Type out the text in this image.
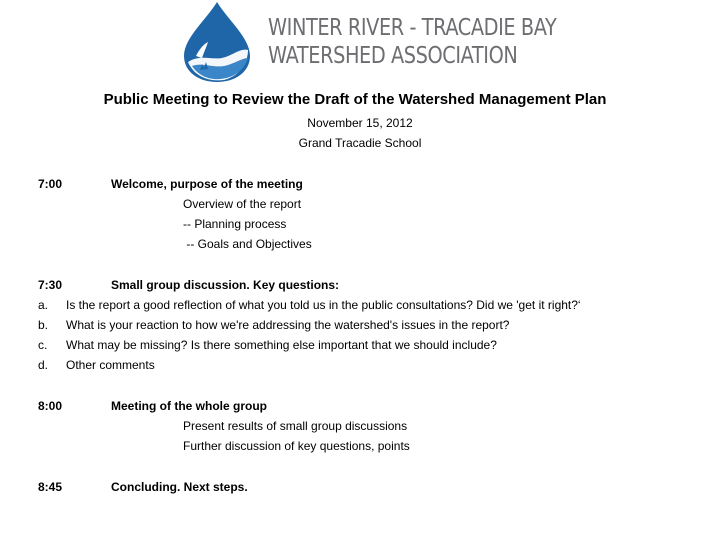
WINTER RIVER - TRACADIE BAY
WATERSHED ASSOCIATION
Public Meeting to Review the Draft of the Watershed Management Plan
November 15, 2012
Grand Tracadie School
7:00	Welcome, purpose of the meeting
Overview of the report
-- Planning process
-- Goals and Objectives
7:30	Small group discussion. Key questions:
a. Is the report a good reflection of what you told us in the public consultations? Did we 'get it right?‘
b. What is your reaction to how we're addressing the watershed's issues in the report?
c. What may be missing? Is there something else important that we should include?
d. Other comments
8:00	Meeting of the whole group
Present results of small group discussions
Further discussion of key questions, points
8:45	Concluding. Next steps.
